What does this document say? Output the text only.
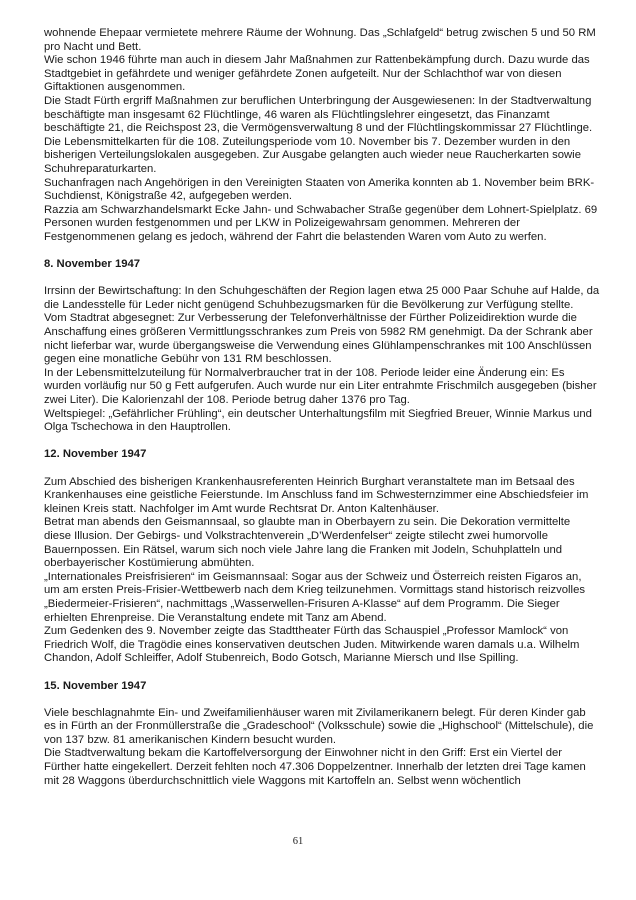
wohnende Ehepaar vermietete mehrere Räume der Wohnung. Das „Schlafgeld“ betrug zwischen 5 und 50 RM pro Nacht und Bett.

Wie schon 1946 führte man auch in diesem Jahr Maßnahmen zur Rattenbekämpfung durch. Dazu wurde das Stadtgebiet in gefährdete und weniger gefährdete Zonen aufgeteilt. Nur der Schlachthof war von diesen Giftaktionen ausgenommen.

Die Stadt Fürth ergriff Maßnahmen zur beruflichen Unterbringung der Ausgewiesenen: In der Stadtverwaltung beschäftigte man insgesamt 62 Flüchtlinge, 46 waren als Flüchtlingslehrer eingesetzt, das Finanzamt beschäftigte 21, die Reichspost 23, die Vermögensverwaltung 8 und der Flüchtlingskommissar 27 Flüchtlinge.

Die Lebensmittelkarten für die 108. Zuteilungsperiode vom 10. November bis 7. Dezember wurden in den bisherigen Verteilungslokalen ausgegeben. Zur Ausgabe gelangten auch wieder neue Raucherkarten sowie Schuhreparaturkarten.

Suchanfragen nach Angehörigen in den Vereinigten Staaten von Amerika konnten ab 1. November beim BRK-Suchdienst, Königstraße 42, aufgegeben werden.

Razzia am Schwarzhandelsmarkt Ecke Jahn- und Schwabacher Straße gegenüber dem Lohnert-Spielplatz. 69 Personen wurden festgenommen und per LKW in Polizeigewahrsam genommen. Mehreren der Festgenommenen gelang es jedoch, während der Fahrt die belastenden Waren vom Auto zu werfen.

8. November 1947

Irrsinn der Bewirtschaftung: In den Schuhgeschäften der Region lagen etwa 25 000 Paar Schuhe auf Halde, da die Landesstelle für Leder nicht genügend Schuhbezugsmarken für die Bevölkerung zur Verfügung stellte.

Vom Stadtrat abgesegnet: Zur Verbesserung der Telefonverhältnisse der Fürther Polizeidirektion wurde die Anschaffung eines größeren Vermittlungsschrankes zum Preis von 5982 RM genehmigt. Da der Schrank aber nicht lieferbar war, wurde übergangsweise die Verwendung eines Glühlampenschrankes mit 100 Anschlüssen gegen eine monatliche Gebühr von 131 RM beschlossen.

In der Lebensmittelzuteilung für Normalverbraucher trat in der 108. Periode leider eine Änderung ein: Es wurden vorläufig nur 50 g Fett aufgerufen. Auch wurde nur ein Liter entrahmte Frischmilch ausgegeben (bisher zwei Liter). Die Kalorienzahl der 108. Periode betrug daher 1376 pro Tag.

Weltspiegel: „Gefährlicher Frühling“, ein deutscher Unterhaltungsfilm mit Siegfried Breuer, Winnie Markus und Olga Tschechowa in den Hauptrollen.

12. November 1947

Zum Abschied des bisherigen Krankenhausreferenten Heinrich Burghart veranstaltete man im Betsaal des Krankenhauses eine geistliche Feierstunde. Im Anschluss fand im Schwesternzimmer eine Abschiedsfeier im kleinen Kreis statt. Nachfolger im Amt wurde Rechtsrat Dr. Anton Kaltenhäuser.

Betrat man abends den Geismannsaal, so glaubte man in Oberbayern zu sein. Die Dekoration vermittelte diese Illusion. Der Gebirgs- und Volkstrachtenverein „D’Werdenfelser“ zeigte stilecht zwei humorvolle Bauernpossen. Ein Rätsel, warum sich noch viele Jahre lang die Franken mit Jodeln, Schuhplatteln und oberbayerischer Kostümierung abmühten.

„Internationales Preisfrisieren“ im Geismannsaal: Sogar aus der Schweiz und Österreich reisten Figaros an, um am ersten Preis-Frisier-Wettbewerb nach dem Krieg teilzunehmen. Vormittags stand historisch reizvolles „Biedermeier-Frisieren“, nachmittags „Wasserwellen-Frisuren A-Klasse“ auf dem Programm. Die Sieger erhielten Ehrenpreise. Die Veranstaltung endete mit Tanz am Abend.

Zum Gedenken des 9. November zeigte das Stadttheater Fürth das Schauspiel „Professor Mamlock“ von Friedrich Wolf, die Tragödie eines konservativen deutschen Juden. Mitwirkende waren damals u.a. Wilhelm Chandon, Adolf Schleiffer, Adolf Stubenreich, Bodo Gotsch, Marianne Miersch und Ilse Spilling.

15. November 1947

Viele beschlagnahmte Ein- und Zweifamilienhäuser waren mit Zivilamerikanern belegt. Für deren Kinder gab es in Fürth an der Fronmüllerstraße die „Gradeschool“ (Volksschule) sowie die „Highschool“ (Mittelschule), die von 137 bzw. 81 amerikanischen Kindern besucht wurden.

Die Stadtverwaltung bekam die Kartoffelversorgung der Einwohner nicht in den Griff: Erst ein Viertel der Fürther hatte eingekellert. Derzeit fehlten noch 47.306 Doppelzentner. Innerhalb der letzten drei Tage kamen mit 28 Waggons überdurchschnittlich viele Waggons mit Kartoffeln an. Selbst wenn wöchentlich

61
